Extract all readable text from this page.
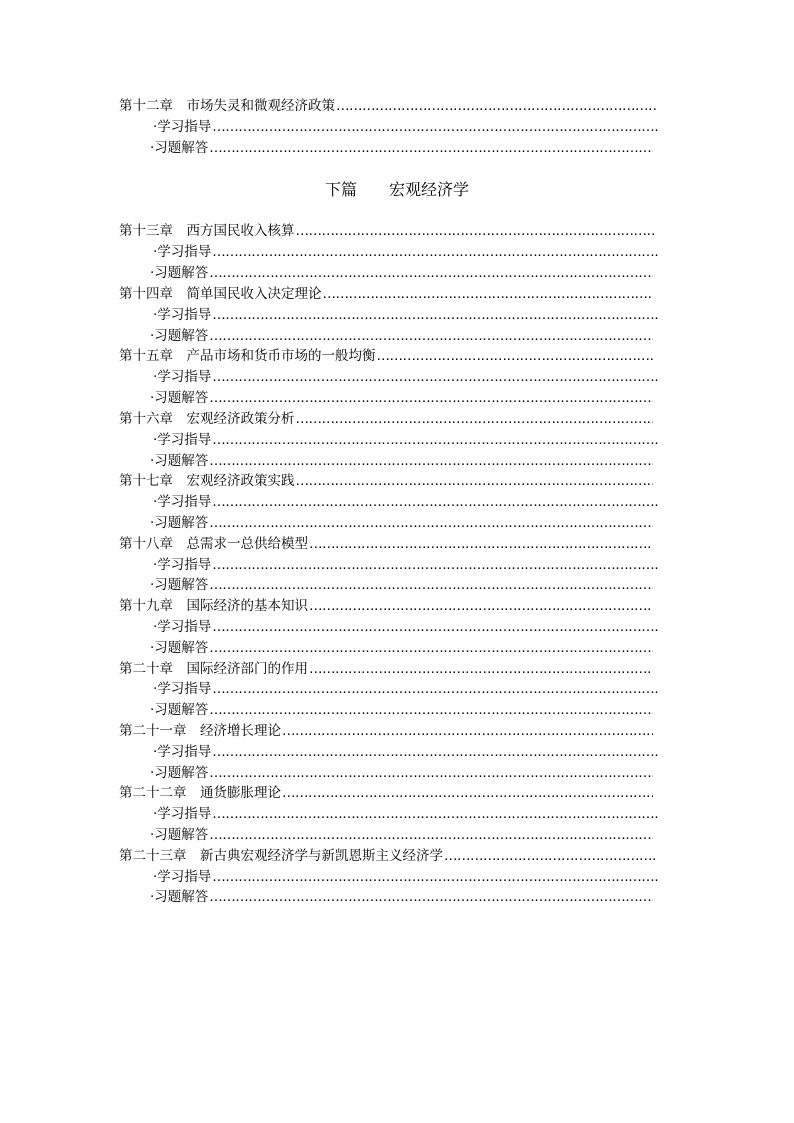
第十二章　市场失灵和微观经济政策
…………………………………………………………………………………………………………………………………………………………
·学习指导
…………………………………………………………………………………………………………………………………………………………
·习题解答
…………………………………………………………………………………………………………………………………………………………
下篇　　宏观经济学
第十三章　西方国民收入核算
…………………………………………………………………………………………………………………………………………………………
·学习指导
…………………………………………………………………………………………………………………………………………………………
·习题解答
…………………………………………………………………………………………………………………………………………………………
第十四章　简单国民收入决定理论
…………………………………………………………………………………………………………………………………………………………
·学习指导
…………………………………………………………………………………………………………………………………………………………
·习题解答
…………………………………………………………………………………………………………………………………………………………
第十五章　产品市场和货币市场的一般均衡
…………………………………………………………………………………………………………………………………………………………
·学习指导
…………………………………………………………………………………………………………………………………………………………
·习题解答
…………………………………………………………………………………………………………………………………………………………
第十六章　宏观经济政策分析
…………………………………………………………………………………………………………………………………………………………
·学习指导
…………………………………………………………………………………………………………………………………………………………
·习题解答
…………………………………………………………………………………………………………………………………………………………
第十七章　宏观经济政策实践
…………………………………………………………………………………………………………………………………………………………
·学习指导
…………………………………………………………………………………………………………………………………………………………
·习题解答
…………………………………………………………………………………………………………………………………………………………
第十八章　总需求一总供给模型
…………………………………………………………………………………………………………………………………………………………
·学习指导
…………………………………………………………………………………………………………………………………………………………
·习题解答
…………………………………………………………………………………………………………………………………………………………
第十九章　国际经济的基本知识
…………………………………………………………………………………………………………………………………………………………
·学习指导
…………………………………………………………………………………………………………………………………………………………
·习题解答
…………………………………………………………………………………………………………………………………………………………
第二十章　国际经济部门的作用
…………………………………………………………………………………………………………………………………………………………
·学习指导
…………………………………………………………………………………………………………………………………………………………
·习题解答
…………………………………………………………………………………………………………………………………………………………
第二十一章　经济增长理论
…………………………………………………………………………………………………………………………………………………………
·学习指导
…………………………………………………………………………………………………………………………………………………………
·习题解答
…………………………………………………………………………………………………………………………………………………………
第二十二章　通货膨胀理论
…………………………………………………………………………………………………………………………………………………………
·学习指导
…………………………………………………………………………………………………………………………………………………………
·习题解答
…………………………………………………………………………………………………………………………………………………………
第二十三章　新古典宏观经济学与新凯恩斯主义经济学
…………………………………………………………………………………………………………………………………………………………
·学习指导
…………………………………………………………………………………………………………………………………………………………
·习题解答
…………………………………………………………………………………………………………………………………………………………
